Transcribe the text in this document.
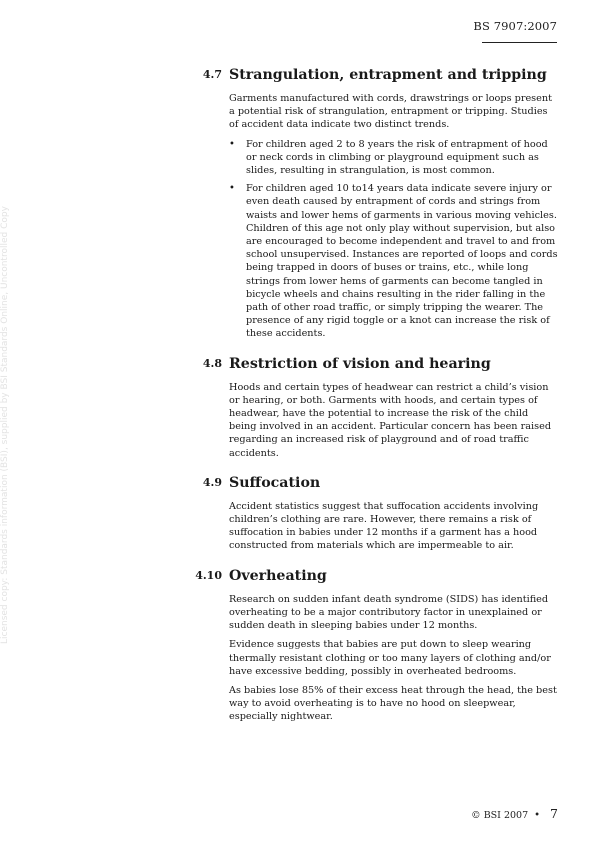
BS 7907:2007
Licensed copy: Standards information (BSI), supplied by BSI Standards Online, Uncontrolled Copy
4.7 Strangulation, entrapment and tripping

Garments manufactured with cords, drawstrings or loops present a potential risk of strangulation, entrapment or tripping. Studies of accident data indicate two distinct trends.

• For children aged 2 to 8 years the risk of entrapment of hood or neck cords in climbing or playground equipment such as slides, resulting in strangulation, is most common.
• For children aged 10 to14 years data indicate severe injury or even death caused by entrapment of cords and strings from waists and lower hems of garments in various moving vehicles. Children of this age not only play without supervision, but also are encouraged to become independent and travel to and from school unsupervised. Instances are reported of loops and cords being trapped in doors of buses or trains, etc., while long strings from lower hems of garments can become tangled in bicycle wheels and chains resulting in the rider falling in the path of other road traffic, or simply tripping the wearer. The presence of any rigid toggle or a knot can increase the risk of these accidents.
4.8 Restriction of vision and hearing

Hoods and certain types of headwear can restrict a child’s vision or hearing, or both. Garments with hoods, and certain types of headwear, have the potential to increase the risk of the child being involved in an accident. Particular concern has been raised regarding an increased risk of playground and of road traffic accidents.

4.9 Suffocation

Accident statistics suggest that suffocation accidents involving children’s clothing are rare. However, there remains a risk of suffocation in babies under 12 months if a garment has a hood constructed from materials which are impermeable to air.

4.10 Overheating

Research on sudden infant death syndrome (SIDS) has identified overheating to be a major contributory factor in unexplained or sudden death in sleeping babies under 12 months.

Evidence suggests that babies are put down to sleep wearing thermally resistant clothing or too many layers of clothing and/or have excessive bedding, possibly in overheated bedrooms.

As babies lose 85% of their excess heat through the head, the best way to avoid overheating is to have no hood on sleepwear, especially nightwear.

© BSI 2007 • 7
